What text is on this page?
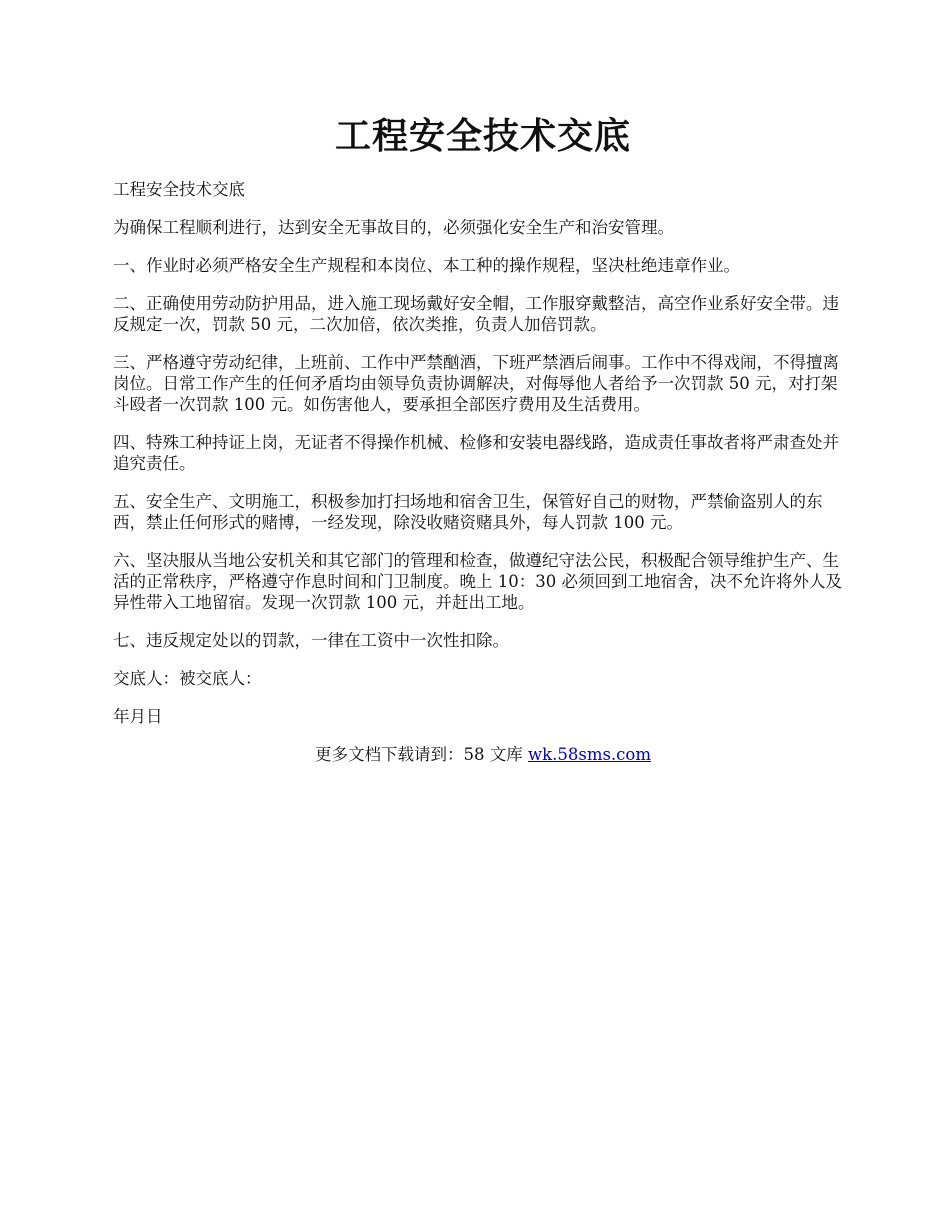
工程安全技术交底

工程安全技术交底

为确保工程顺利进行，达到安全无事故目的，必须强化安全生产和治安管理。

一、作业时必须严格安全生产规程和本岗位、本工种的操作规程，坚决杜绝违章作业。

二、正确使用劳动防护用品，进入施工现场戴好安全帽，工作服穿戴整洁，高空作业系好安全带。违反规定一次，罚款 50 元，二次加倍，依次类推，负责人加倍罚款。

三、严格遵守劳动纪律，上班前、工作中严禁酗酒，下班严禁酒后闹事。工作中不得戏闹，不得擅离岗位。日常工作产生的任何矛盾均由领导负责协调解决，对侮辱他人者给予一次罚款 50 元，对打架斗殴者一次罚款 100 元。如伤害他人，要承担全部医疗费用及生活费用。

四、特殊工种持证上岗，无证者不得操作机械、检修和安装电器线路，造成责任事故者将严肃查处并追究责任。

五、安全生产、文明施工，积极参加打扫场地和宿舍卫生，保管好自己的财物，严禁偷盗别人的东西，禁止任何形式的赌博，一经发现，除没收赌资赌具外，每人罚款 100 元。

六、坚决服从当地公安机关和其它部门的管理和检查，做遵纪守法公民，积极配合领导维护生产、生活的正常秩序，严格遵守作息时间和门卫制度。晚上 10：30 必须回到工地宿舍，决不允许将外人及异性带入工地留宿。发现一次罚款 100 元，并赶出工地。

七、违反规定处以的罚款，一律在工资中一次性扣除。

交底人：被交底人：

年月日

更多文档下载请到：58 文库 wk.58sms.com
